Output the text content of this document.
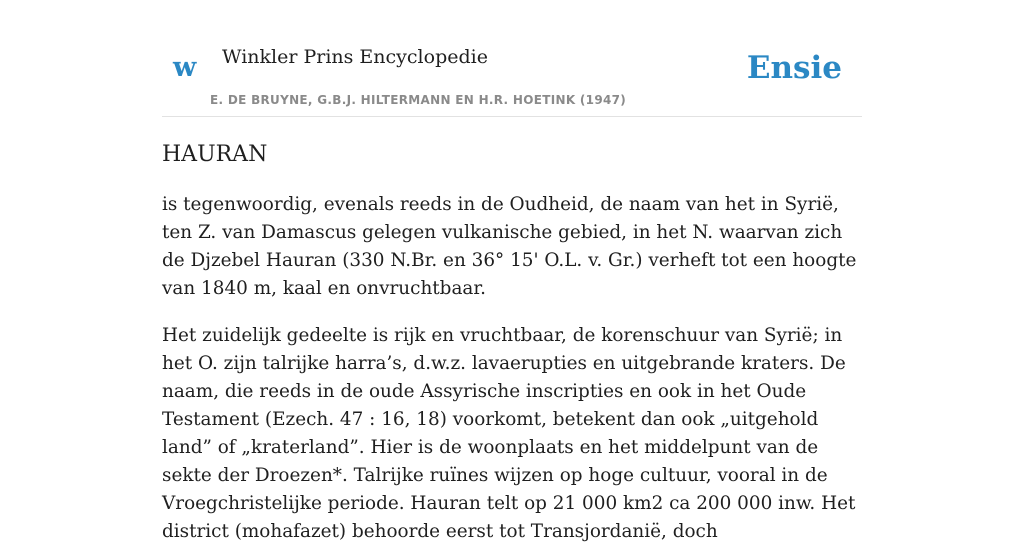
w Winkler Prins Encyclopedie
E. DE BRUYNE, G.B.J. HILTERMANN EN H.R. HOETINK (1947)
Ensie
HAURAN

is tegenwoordig, evenals reeds in de Oudheid, de naam van het in Syrië, ten Z. van Damascus gelegen vulkanische gebied, in het N. waarvan zich de Djzebel Hauran (330 N.Br. en 36° 15' O.L. v. Gr.) verheft tot een hoogte van 1840 m, kaal en onvruchtbaar.

Het zuidelijk gedeelte is rijk en vruchtbaar, de korenschuur van Syrië; in het O. zijn talrijke harra’s, d.w.z. lavaerupties en uitgebrande kraters. De naam, die reeds in de oude Assyrische inscripties en ook in het Oude Testament (Ezech. 47 : 16, 18) voorkomt, betekent dan ook „uitgehold land” of „kraterland”. Hier is de woonplaats en het middelpunt van de sekte der Droezen*. Talrijke ruïnes wijzen op hoge cultuur, vooral in de Vroegchristelijke periode. Hauran telt op 21 000 km2 ca 200 000 inw. Het district (mohafazet) behoorde eerst tot Transjordanië, doch
